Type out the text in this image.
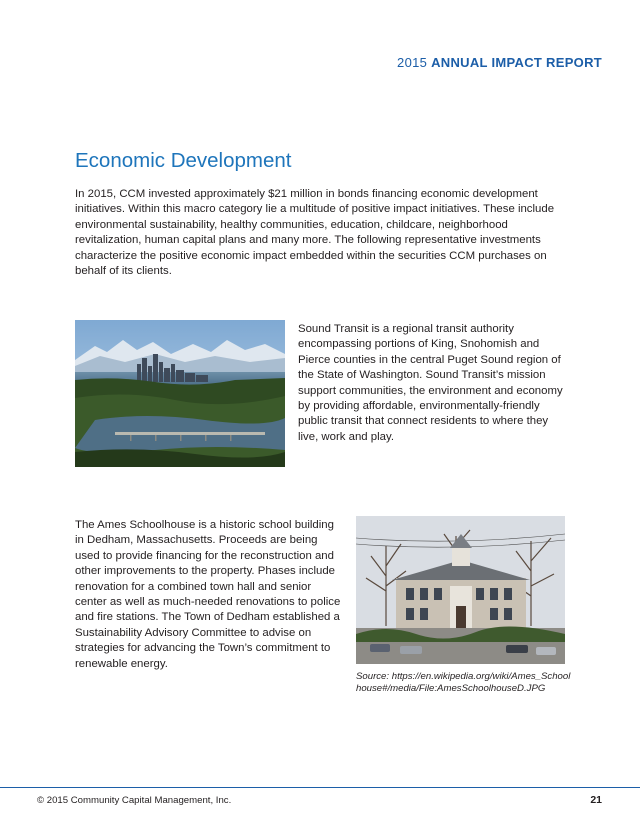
2015 ANNUAL IMPACT REPORT
Economic Development

In 2015, CCM invested approximately $21 million in bonds financing economic development initiatives. Within this macro category lie a multitude of positive impact initiatives. These include environmental sustainability, healthy communities, education, childcare, neighborhood revitalization, human capital plans and many more. The following representative investments characterize the positive economic impact embedded within the securities CCM purchases on behalf of its clients.

Sound Transit is a regional transit authority encompassing portions of King, Snohomish and Pierce counties in the central Puget Sound region of the State of Washington. Sound Transit’s mission support communities, the environment and economy by providing affordable, environmentally-friendly public transit that connect residents to where they live, work and play.

The Ames Schoolhouse is a historic school building in Dedham, Massachusetts. Proceeds are being used to provide financing for the reconstruction and other improvements to the property. Phases include renovation for a combined town hall and senior center as well as much-needed renovations to police and fire stations. The Town of Dedham established a Sustainability Advisory Committee to advise on strategies for advancing the Town’s commitment to renewable energy.

Source: https://en.wikipedia.org/wiki/Ames_Schoolhouse#/media/File:AmesSchoolhouseD.JPG

© 2015 Community Capital Management, Inc.	21
